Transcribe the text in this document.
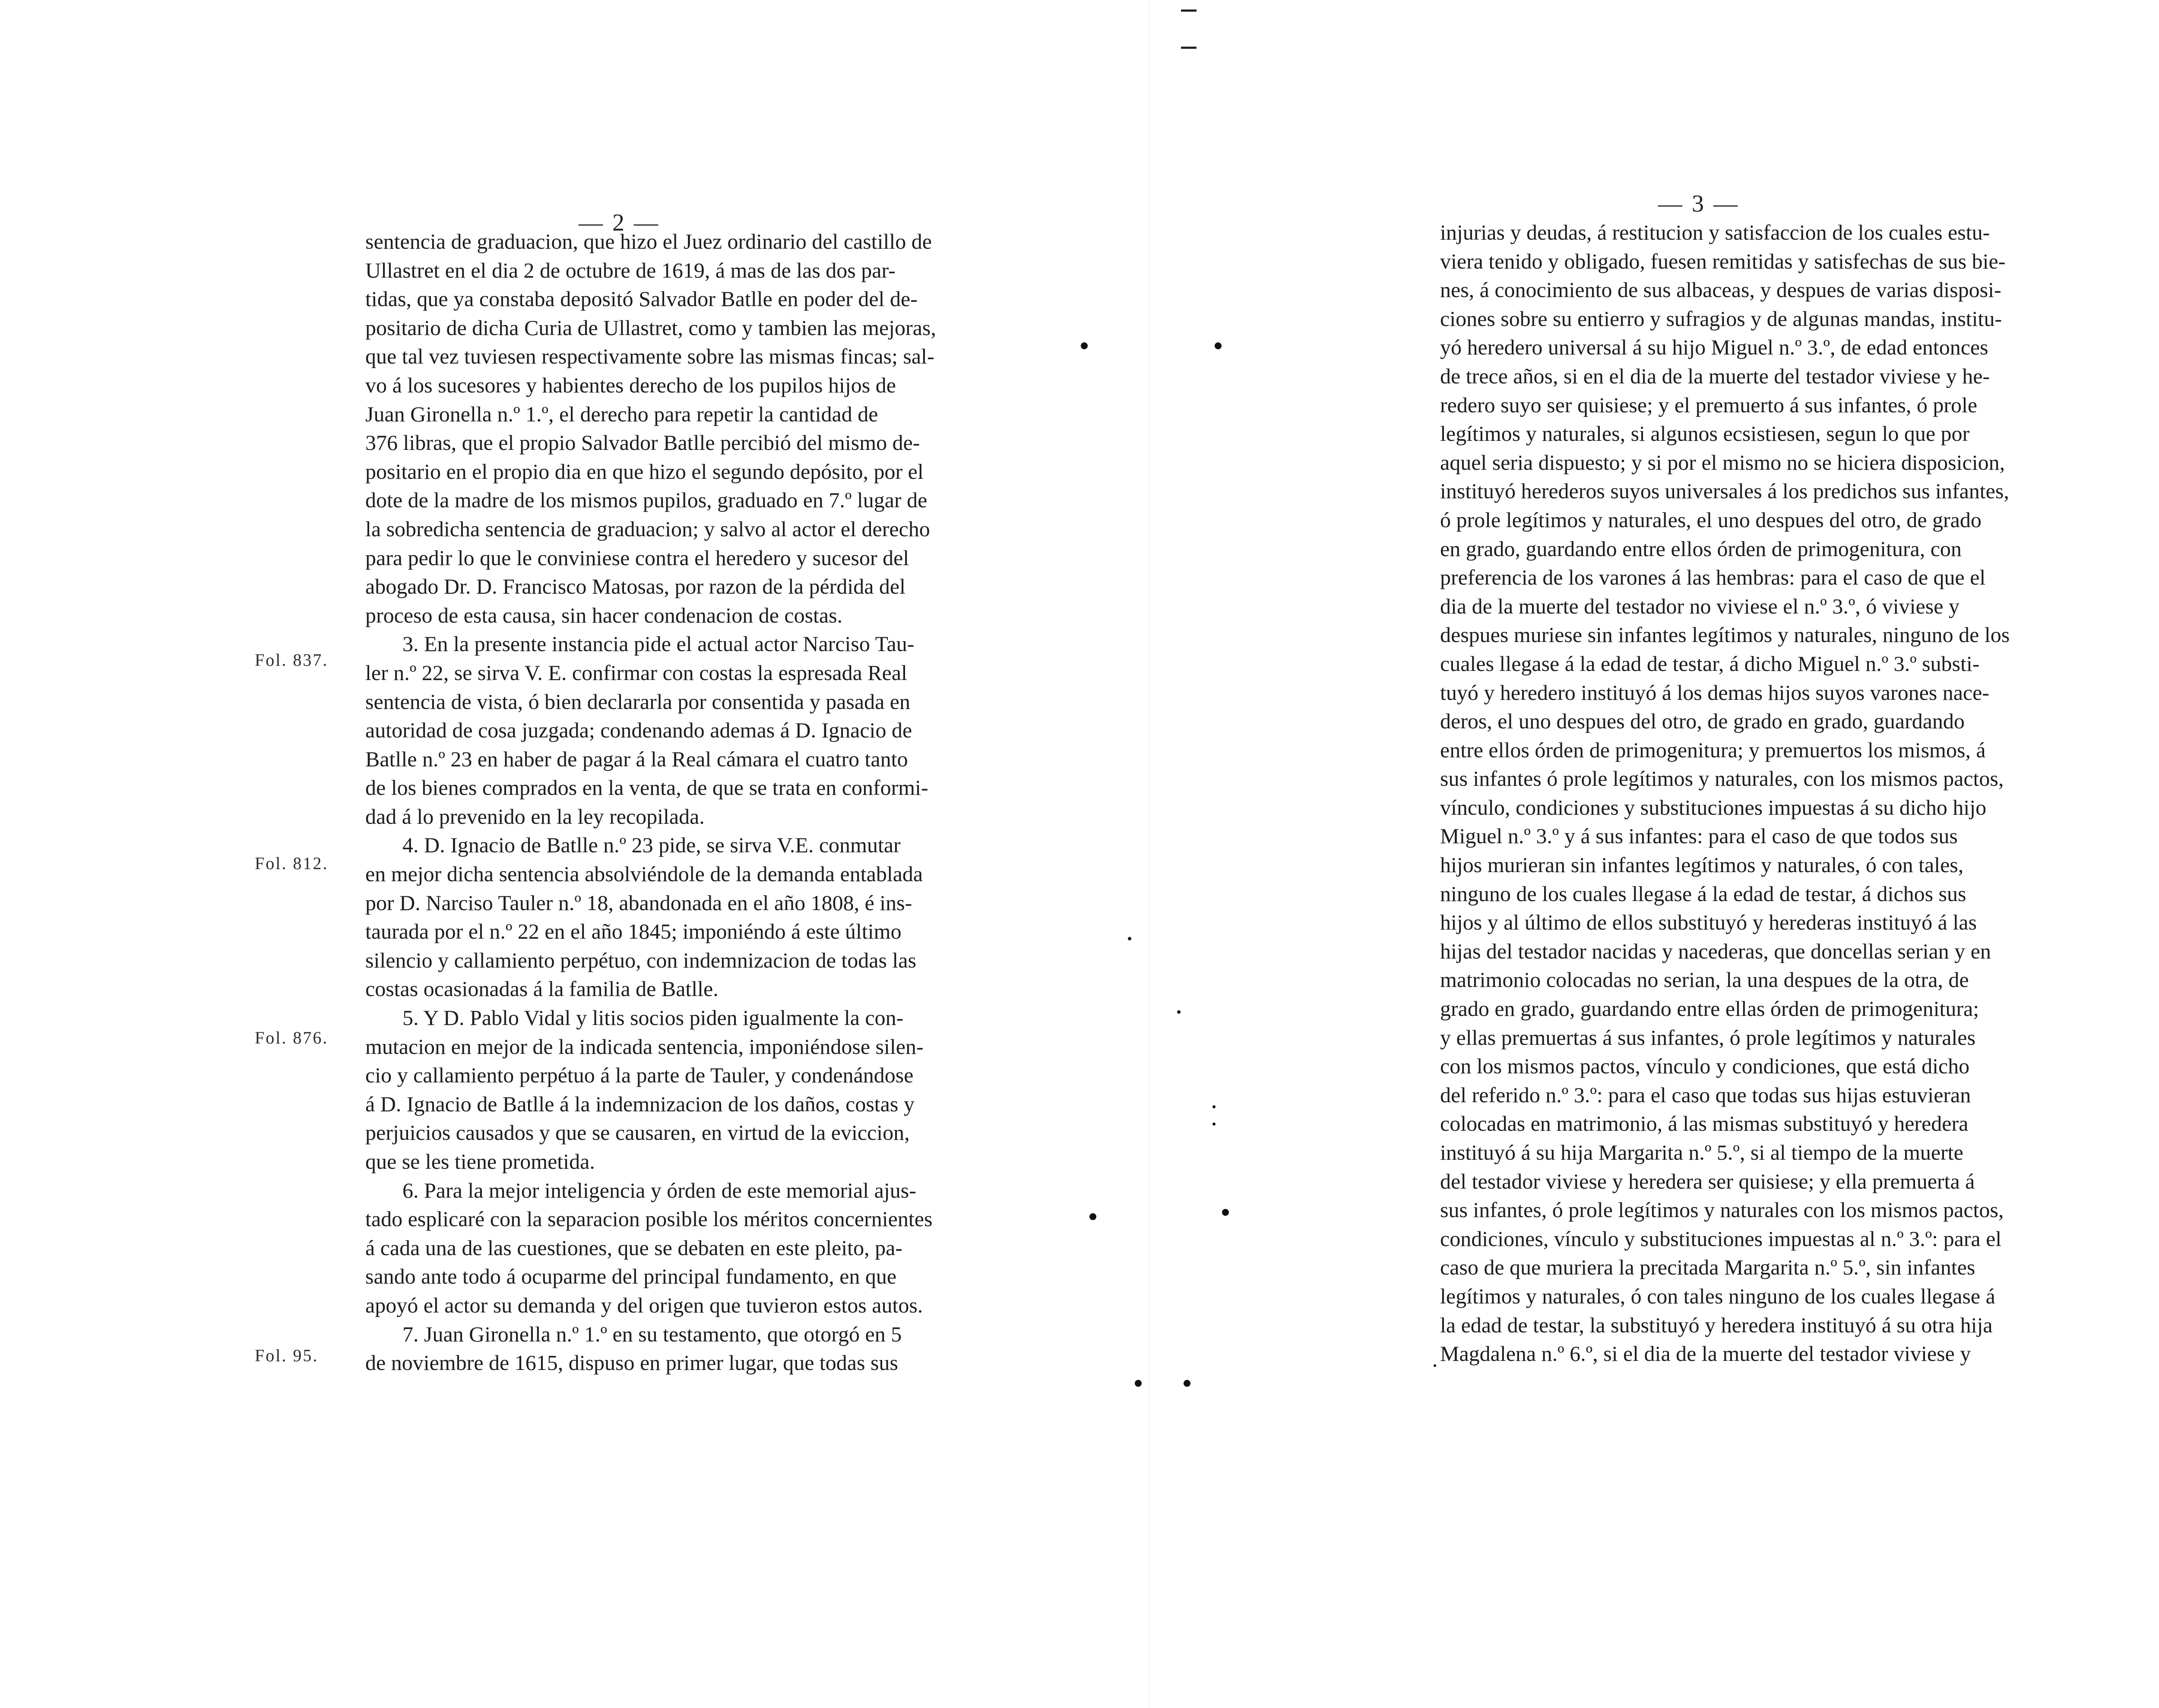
— 2 —
Fol. 837.
Fol. 812.
Fol. 876.
Fol. 95.
sentencia de graduacion, que hizo el Juez ordinario del castillo de
Ullastret en el dia 2 de octubre de 1619, á mas de las dos par-
tidas, que ya constaba depositó Salvador Batlle en poder del de-
positario de dicha Curia de Ullastret, como y tambien las mejoras,
que tal vez tuviesen respectivamente sobre las mismas fincas; sal-
vo á los sucesores y habientes derecho de los pupilos hijos de
Juan Gironella n.º 1.º, el derecho para repetir la cantidad de
376 libras, que el propio Salvador Batlle percibió del mismo de-
positario en el propio dia en que hizo el segundo depósito, por el
dote de la madre de los mismos pupilos, graduado en 7.º lugar de
la sobredicha sentencia de graduacion; y salvo al actor el derecho
para pedir lo que le conviniese contra el heredero y sucesor del
abogado Dr. D. Francisco Matosas, por razon de la pérdida del
proceso de esta causa, sin hacer condenacion de costas.
3. En la presente instancia pide el actual actor Narciso Tau-
ler n.º 22, se sirva V. E. confirmar con costas la espresada Real
sentencia de vista, ó bien declararla por consentida y pasada en
autoridad de cosa juzgada; condenando ademas á D. Ignacio de
Batlle n.º 23 en haber de pagar á la Real cámara el cuatro tanto
de los bienes comprados en la venta, de que se trata en conformi-
dad á lo prevenido en la ley recopilada.
4. D. Ignacio de Batlle n.º 23 pide, se sirva V.E. conmutar
en mejor dicha sentencia absolviéndole de la demanda entablada
por D. Narciso Tauler n.º 18, abandonada en el año 1808, é ins-
taurada por el n.º 22 en el año 1845; imponiéndo á este último
silencio y callamiento perpétuo, con indemnizacion de todas las
costas ocasionadas á la familia de Batlle.
5. Y D. Pablo Vidal y litis socios piden igualmente la con-
mutacion en mejor de la indicada sentencia, imponiéndose silen-
cio y callamiento perpétuo á la parte de Tauler, y condenándose
á D. Ignacio de Batlle á la indemnizacion de los daños, costas y
perjuicios causados y que se causaren, en virtud de la eviccion,
que se les tiene prometida.
6. Para la mejor inteligencia y órden de este memorial ajus-
tado esplicaré con la separacion posible los méritos concernientes
á cada una de las cuestiones, que se debaten en este pleito, pa-
sando ante todo á ocuparme del principal fundamento, en que
apoyó el actor su demanda y del origen que tuvieron estos autos.
7. Juan Gironella n.º 1.º en su testamento, que otorgó en 5
de noviembre de 1615, dispuso en primer lugar, que todas sus
— 3 —
injurias y deudas, á restitucion y satisfaccion de los cuales estu-
viera tenido y obligado, fuesen remitidas y satisfechas de sus bie-
nes, á conocimiento de sus albaceas, y despues de varias disposi-
ciones sobre su entierro y sufragios y de algunas mandas, institu-
yó heredero universal á su hijo Miguel n.º 3.º, de edad entonces
de trece años, si en el dia de la muerte del testador viviese y he-
redero suyo ser quisiese; y el premuerto á sus infantes, ó prole
legítimos y naturales, si algunos ecsistiesen, segun lo que por
aquel seria dispuesto; y si por el mismo no se hiciera disposicion,
instituyó herederos suyos universales á los predichos sus infantes,
ó prole legítimos y naturales, el uno despues del otro, de grado
en grado, guardando entre ellos órden de primogenitura, con
preferencia de los varones á las hembras: para el caso de que el
dia de la muerte del testador no viviese el n.º 3.º, ó viviese y
despues muriese sin infantes legítimos y naturales, ninguno de los
cuales llegase á la edad de testar, á dicho Miguel n.º 3.º substi-
tuyó y heredero instituyó á los demas hijos suyos varones nace-
deros, el uno despues del otro, de grado en grado, guardando
entre ellos órden de primogenitura; y premuertos los mismos, á
sus infantes ó prole legítimos y naturales, con los mismos pactos,
vínculo, condiciones y substituciones impuestas á su dicho hijo
Miguel n.º 3.º y á sus infantes: para el caso de que todos sus
hijos murieran sin infantes legítimos y naturales, ó con tales,
ninguno de los cuales llegase á la edad de testar, á dichos sus
hijos y al último de ellos substituyó y herederas instituyó á las
hijas del testador nacidas y nacederas, que doncellas serian y en
matrimonio colocadas no serian, la una despues de la otra, de
grado en grado, guardando entre ellas órden de primogenitura;
y ellas premuertas á sus infantes, ó prole legítimos y naturales
con los mismos pactos, vínculo y condiciones, que está dicho
del referido n.º 3.º: para el caso que todas sus hijas estuvieran
colocadas en matrimonio, á las mismas substituyó y heredera
instituyó á su hija Margarita n.º 5.º, si al tiempo de la muerte
del testador viviese y heredera ser quisiese; y ella premuerta á
sus infantes, ó prole legítimos y naturales con los mismos pactos,
condiciones, vínculo y substituciones impuestas al n.º 3.º: para el
caso de que muriera la precitada Margarita n.º 5.º, sin infantes
legítimos y naturales, ó con tales ninguno de los cuales llegase á
la edad de testar, la substituyó y heredera instituyó á su otra hija
Magdalena n.º 6.º, si el dia de la muerte del testador viviese y
